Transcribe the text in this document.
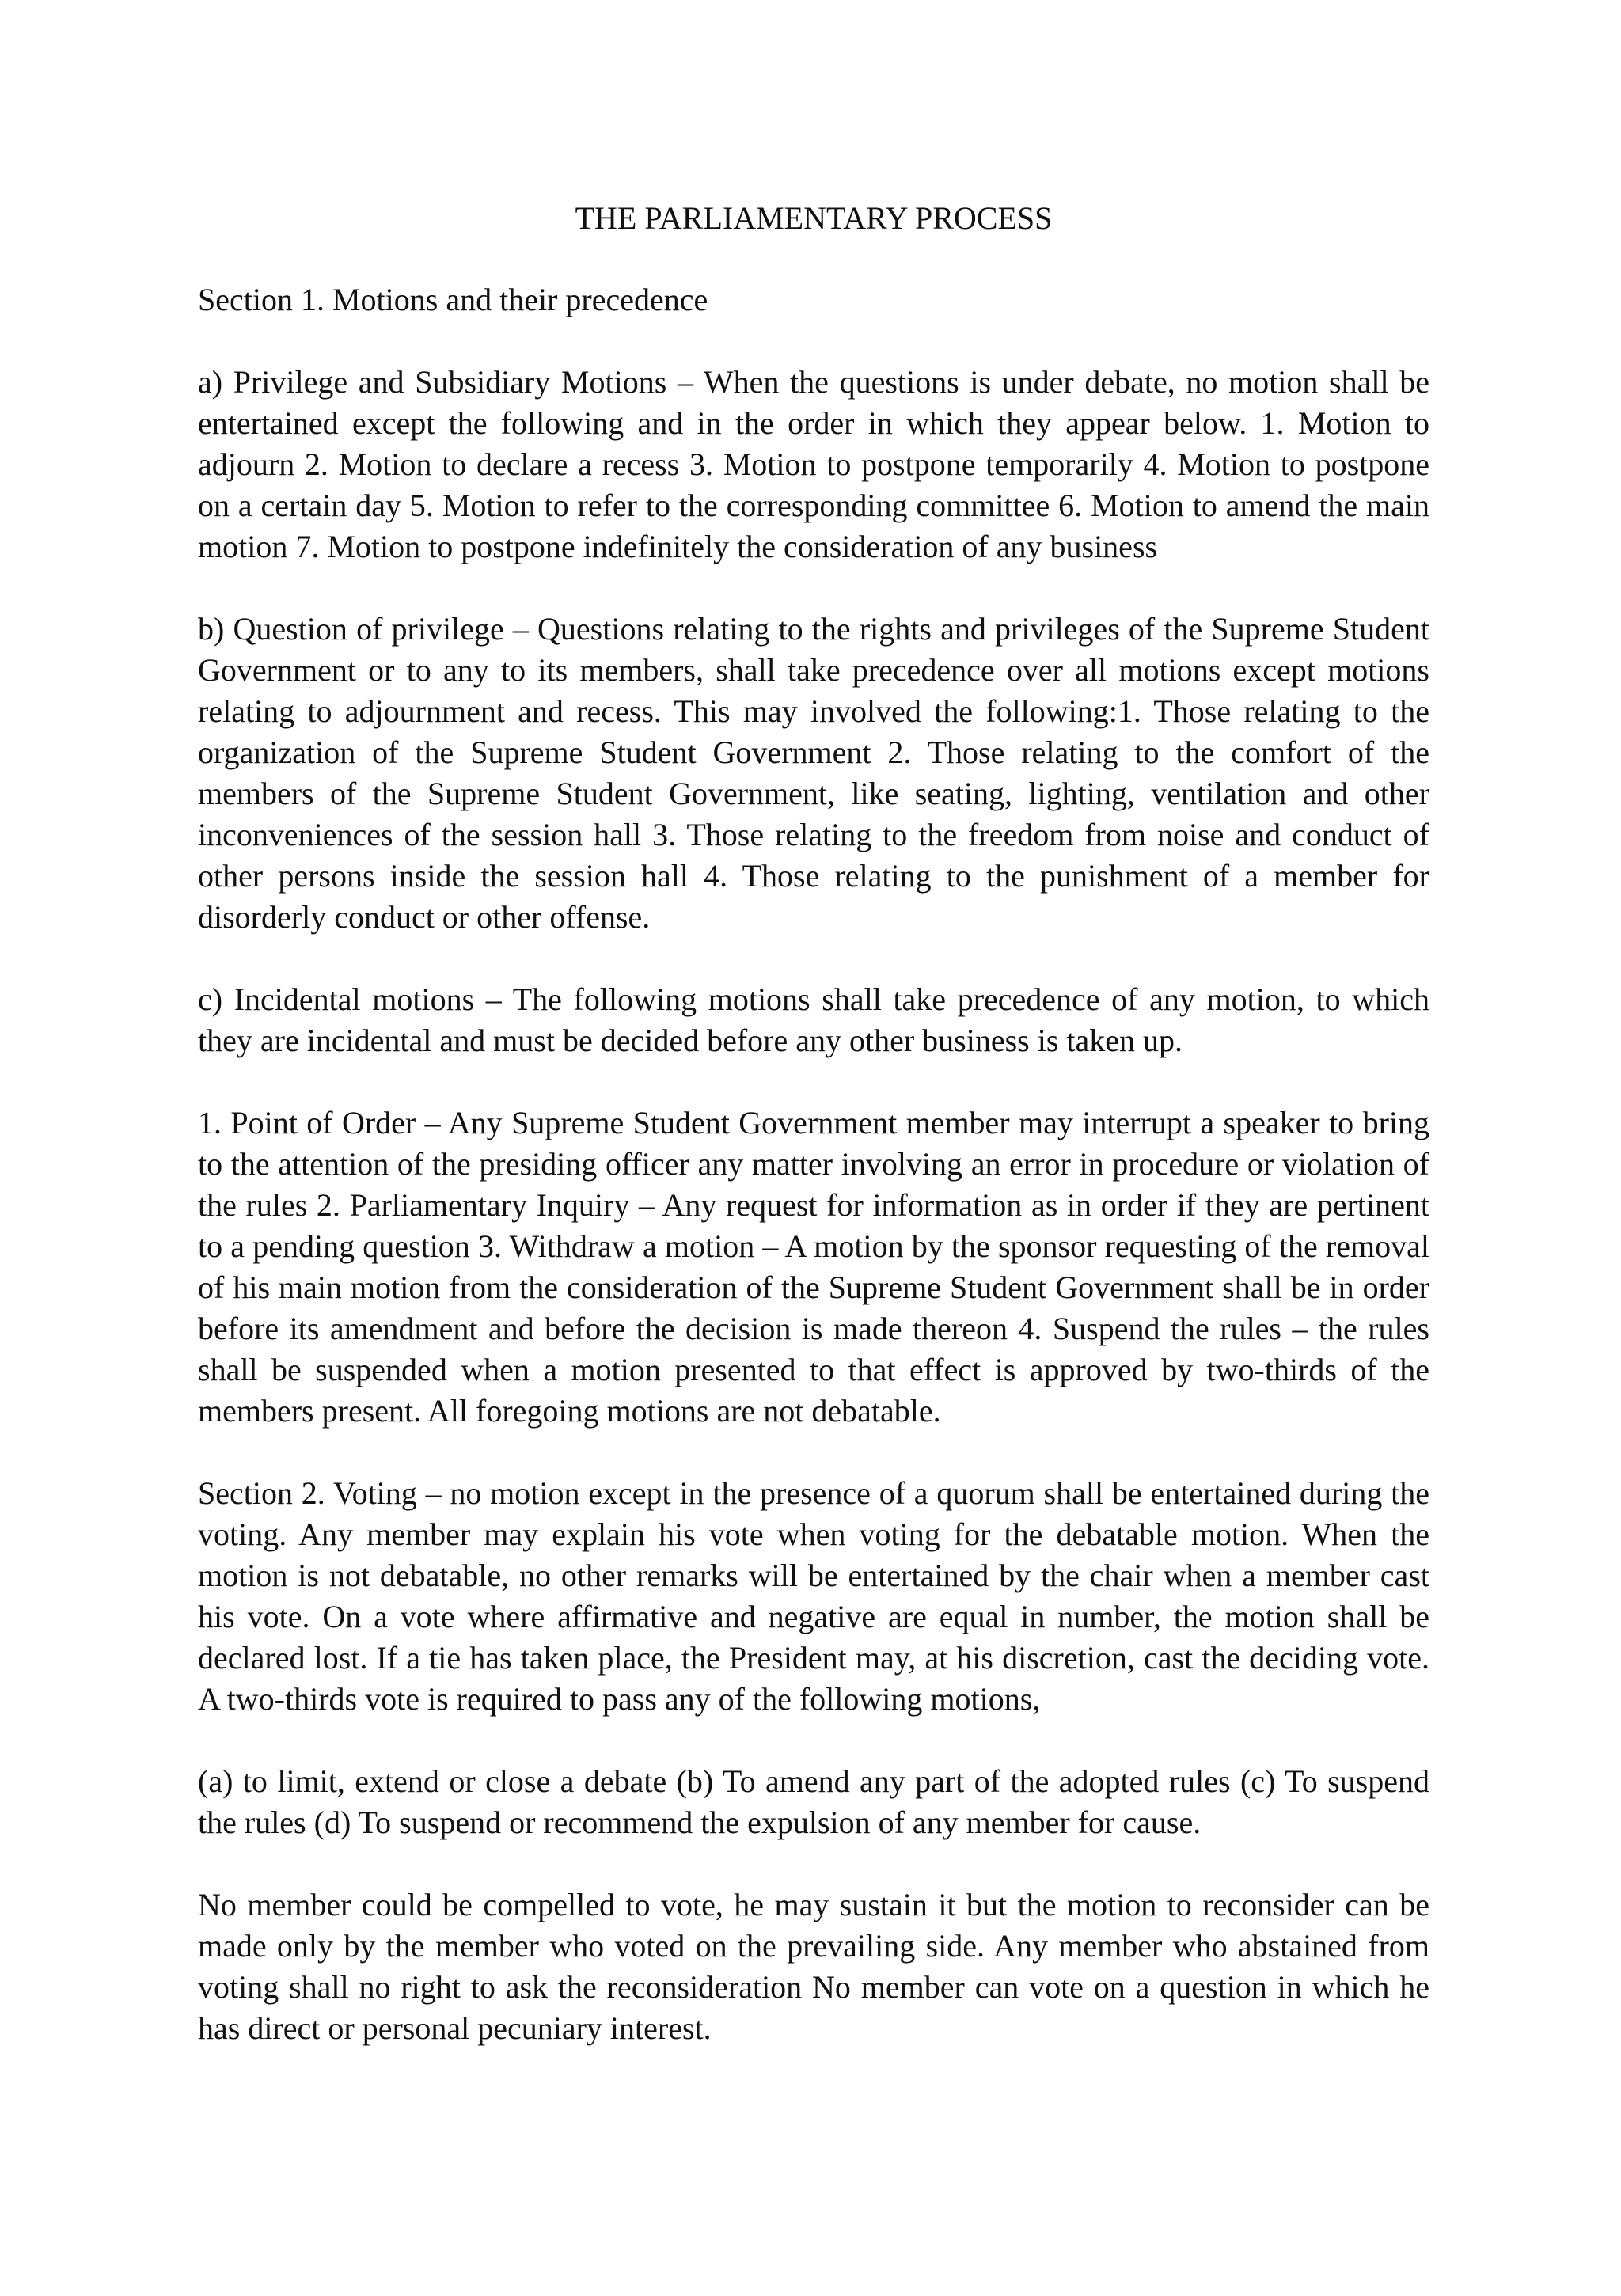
THE PARLIAMENTARY PROCESS
Section 1. Motions and their precedence
a) Privilege and Subsidiary Motions – When the questions is under debate, no motion shall be entertained except the following and in the order in which they appear below. 1. Motion to adjourn 2. Motion to declare a recess 3. Motion to postpone temporarily 4. Motion to postpone on a certain day 5. Motion to refer to the corresponding committee 6. Motion to amend the main motion 7. Motion to postpone indefinitely the consideration of any business
b) Question of privilege – Questions relating to the rights and privileges of the Supreme Student Government or to any to its members, shall take precedence over all motions except motions relating to adjournment and recess. This may involved the following:1. Those relating to the organization of the Supreme Student Government 2. Those relating to the comfort of the members of the Supreme Student Government, like seating, lighting, ventilation and other inconveniences of the session hall 3. Those relating to the freedom from noise and conduct of other persons inside the session hall 4. Those relating to the punishment of a member for disorderly conduct or other offense.
c) Incidental motions – The following motions shall take precedence of any motion, to which they are incidental and must be decided before any other business is taken up.
1. Point of Order – Any Supreme Student Government member may interrupt a speaker to bring to the attention of the presiding officer any matter involving an error in procedure or violation of the rules 2. Parliamentary Inquiry – Any request for information as in order if they are pertinent to a pending question 3. Withdraw a motion – A motion by the sponsor requesting of the removal of his main motion from the consideration of the Supreme Student Government shall be in order before its amendment and before the decision is made thereon 4. Suspend the rules – the rules shall be suspended when a motion presented to that effect is approved by two-thirds of the members present. All foregoing motions are not debatable.
Section 2. Voting – no motion except in the presence of a quorum shall be entertained during the voting. Any member may explain his vote when voting for the debatable motion. When the motion is not debatable, no other remarks will be entertained by the chair when a member cast his vote. On a vote where affirmative and negative are equal in number, the motion shall be declared lost. If a tie has taken place, the President may, at his discretion, cast the deciding vote. A two-thirds vote is required to pass any of the following motions,
(a) to limit, extend or close a debate (b) To amend any part of the adopted rules (c) To suspend the rules (d) To suspend or recommend the expulsion of any member for cause.
No member could be compelled to vote, he may sustain it but the motion to reconsider can be made only by the member who voted on the prevailing side. Any member who abstained from voting shall no right to ask the reconsideration No member can vote on a question in which he has direct or personal pecuniary interest.
